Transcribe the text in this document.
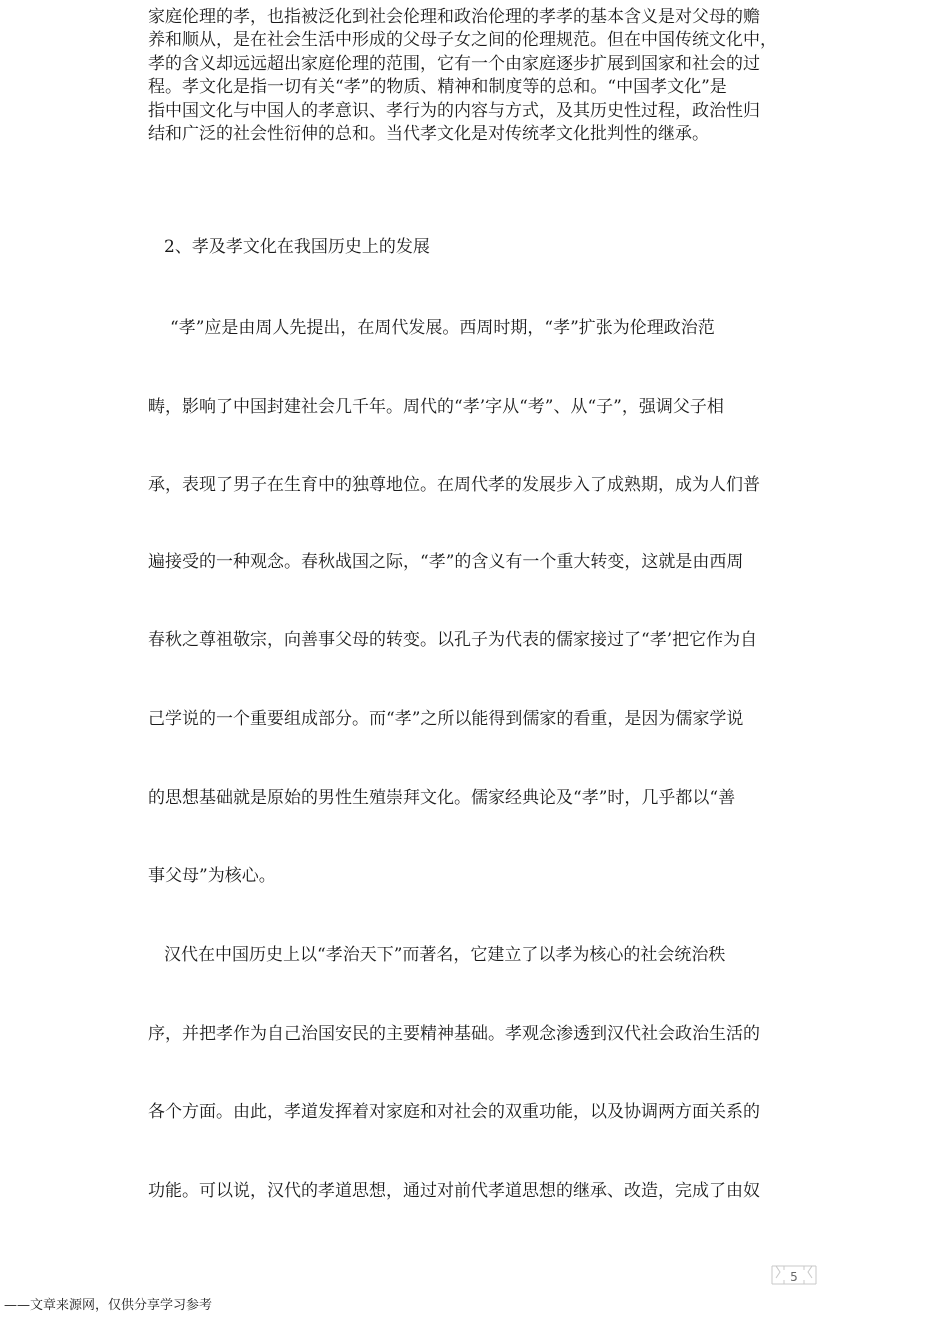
家庭伦理的孝，也指被泛化到社会伦理和政治伦理的孝孝的基本含义是对父母的赡
养和顺从，是在社会生活中形成的父母子女之间的伦理规范。但在中国传统文化中，
孝的含义却远远超出家庭伦理的范围，它有一个由家庭逐步扩展到国家和社会的过
程。孝文化是指一切有关“孝”的物质、精神和制度等的总和。“中国孝文化”是
指中国文化与中国人的孝意识、孝行为的内容与方式，及其历史性过程，政治性归
结和广泛的社会性衍伸的总和。当代孝文化是对传统孝文化批判性的继承。
2、孝及孝文化在我国历史上的发展
“孝”应是由周人先提出，在周代发展。西周时期，“孝”扩张为伦理政治范
畴，影响了中国封建社会几千年。周代的“孝’字从“考”、从“子”，强调父子相
承，表现了男子在生育中的独尊地位。在周代孝的发展步入了成熟期，成为人们普
遍接受的一种观念。春秋战国之际，“孝”的含义有一个重大转变，这就是由西周
春秋之尊祖敬宗，向善事父母的转变。以孔子为代表的儒家接过了“孝’把它作为自
己学说的一个重要组成部分。而“孝”之所以能得到儒家的看重，是因为儒家学说
的思想基础就是原始的男性生殖崇拜文化。儒家经典论及“孝”时，几乎都以“善
事父母”为核心。
汉代在中国历史上以“孝治天下”而著名，它建立了以孝为核心的社会统治秩
序，并把孝作为自己治国安民的主要精神基础。孝观念渗透到汉代社会政治生活的
各个方面。由此，孝道发挥着对家庭和对社会的双重功能，以及协调两方面关系的
功能。可以说，汉代的孝道思想，通过对前代孝道思想的继承、改造，完成了由奴
5
——文章来源网，仅供分享学习参考
